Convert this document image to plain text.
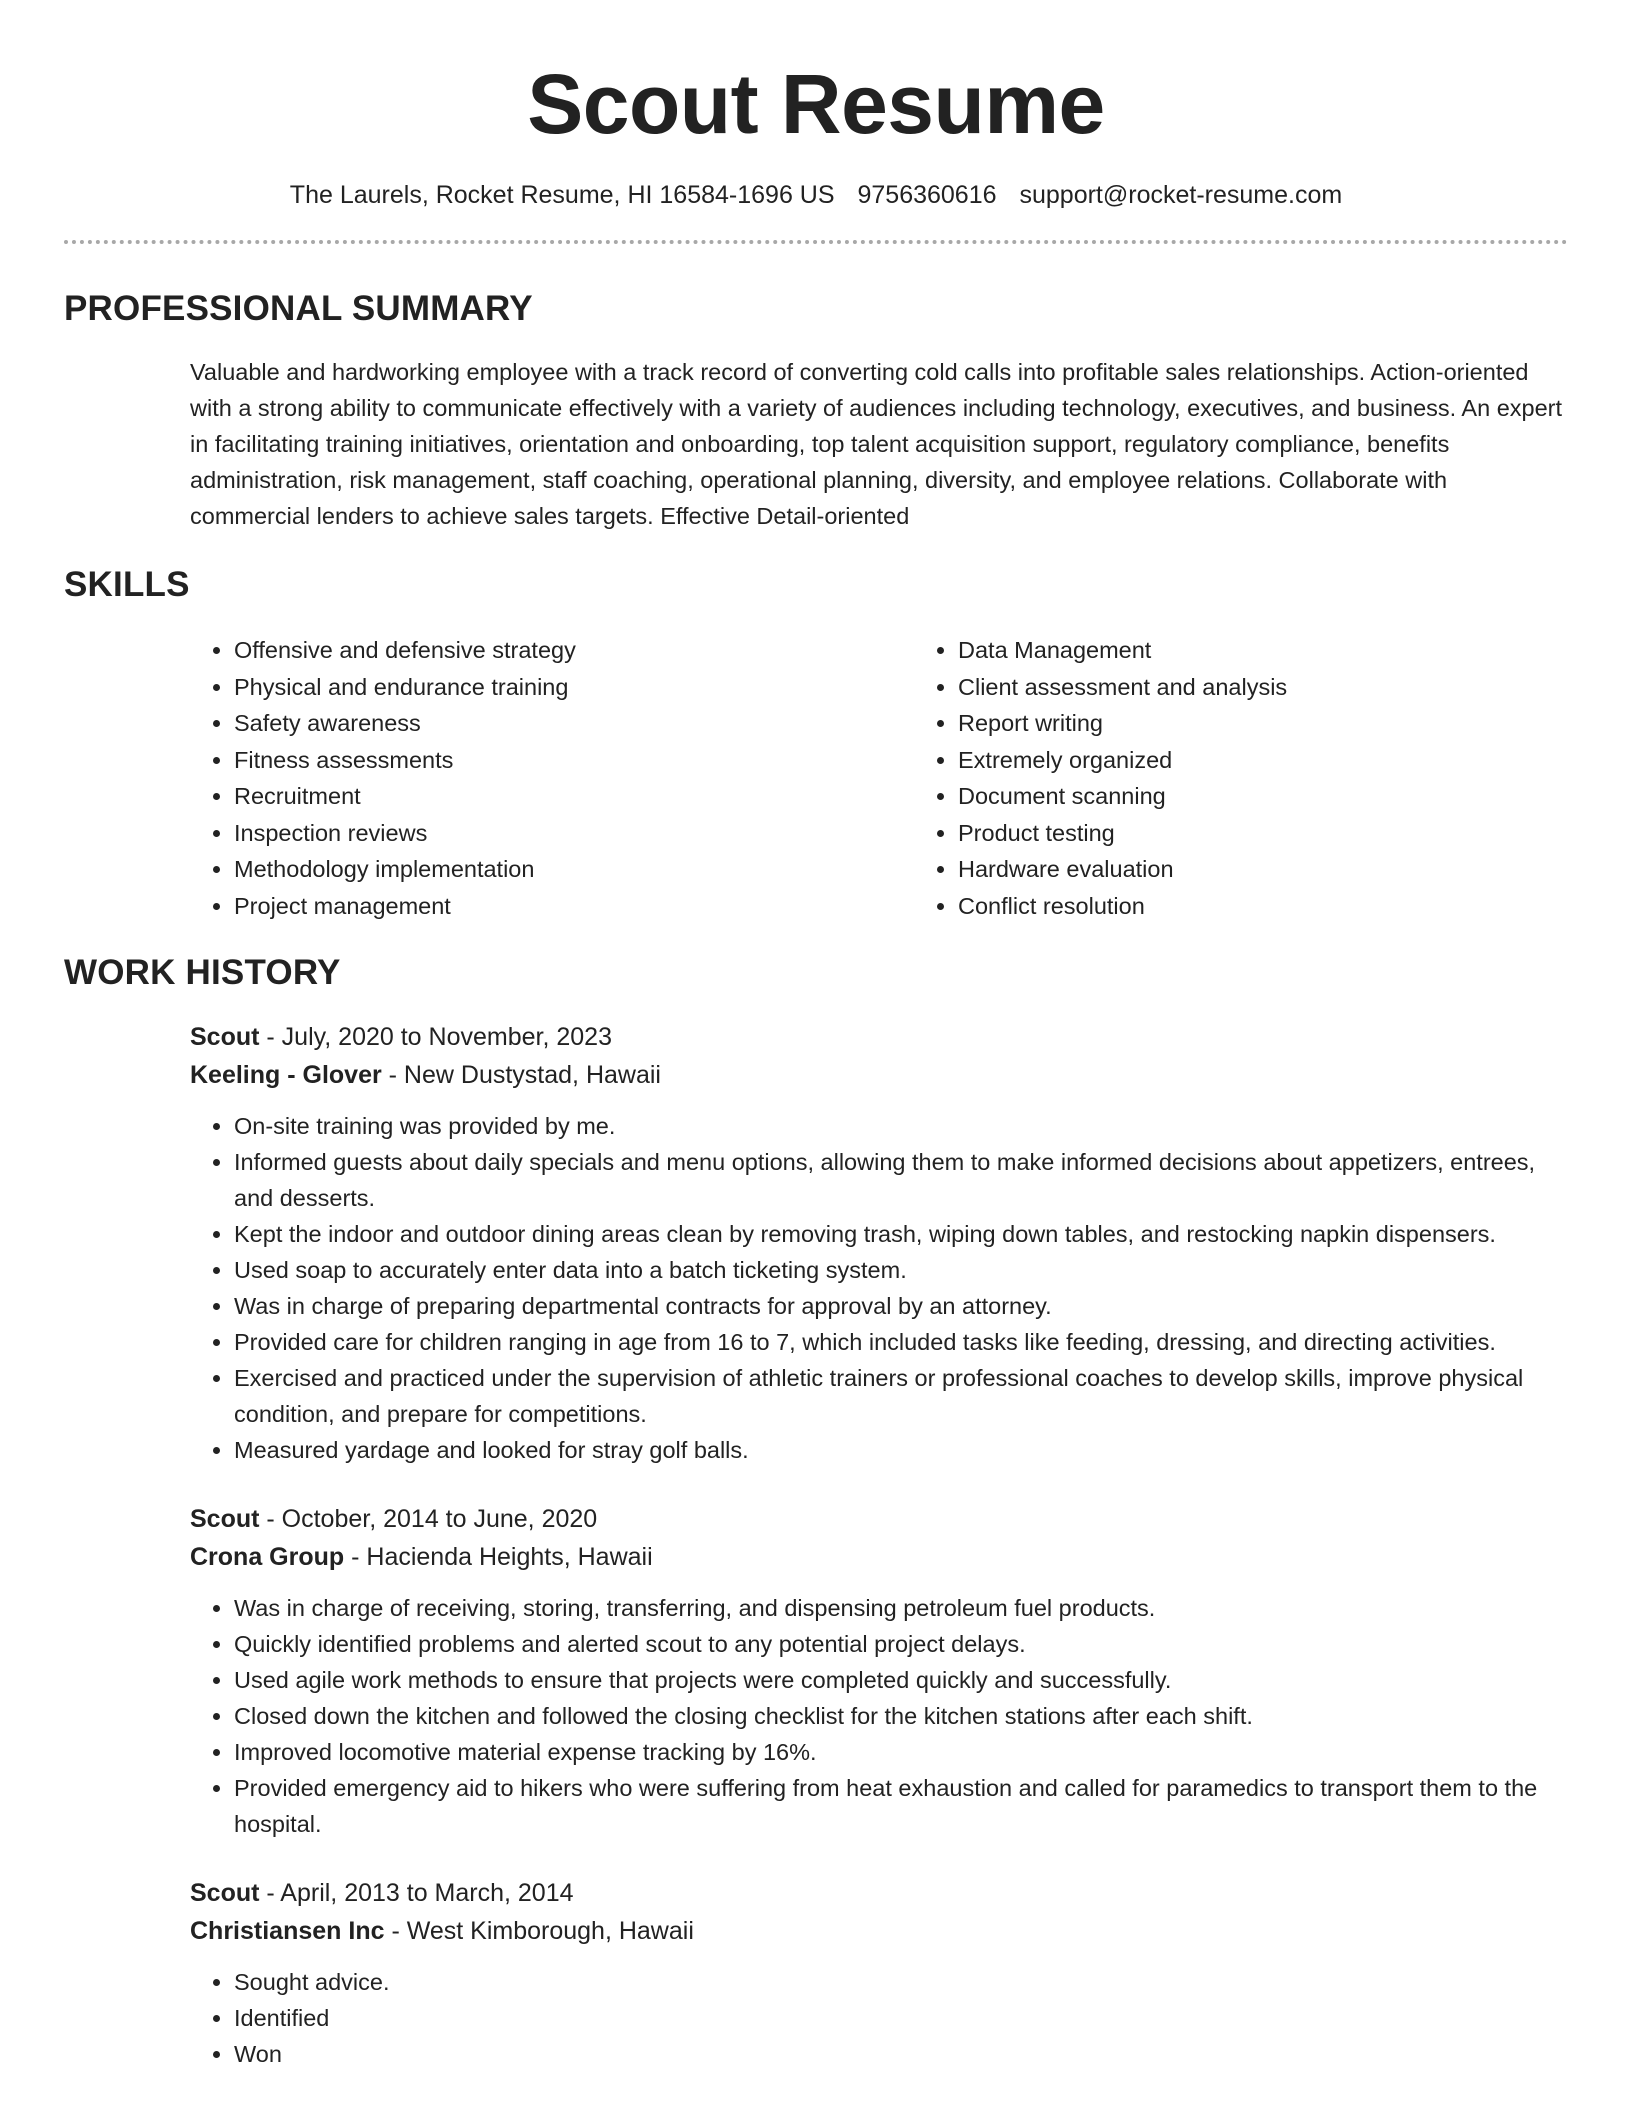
Scout Resume
The Laurels, Rocket Resume, HI 16584-1696 US 9756360616 support@rocket-resume.com
PROFESSIONAL SUMMARY

Valuable and hardworking employee with a track record of converting cold calls into profitable sales relationships. Action-oriented with a strong ability to communicate effectively with a variety of audiences including technology, executives, and business. An expert in facilitating training initiatives, orientation and onboarding, top talent acquisition support, regulatory compliance, benefits administration, risk management, staff coaching, operational planning, diversity, and employee relations. Collaborate with commercial lenders to achieve sales targets. Effective Detail-oriented

SKILLS
• Offensive and defensive strategy
• Physical and endurance training
• Safety awareness
• Fitness assessments
• Recruitment
• Inspection reviews
• Methodology implementation
• Project management
• Data Management
• Client assessment and analysis
• Report writing
• Extremely organized
• Document scanning
• Product testing
• Hardware evaluation
• Conflict resolution
WORK HISTORY
Scout - July, 2020 to November, 2023
Keeling - Glover - New Dustystad, Hawaii
• On-site training was provided by me.
• Informed guests about daily specials and menu options, allowing them to make informed decisions about appetizers, entrees, and desserts.
• Kept the indoor and outdoor dining areas clean by removing trash, wiping down tables, and restocking napkin dispensers.
• Used soap to accurately enter data into a batch ticketing system.
• Was in charge of preparing departmental contracts for approval by an attorney.
• Provided care for children ranging in age from 16 to 7, which included tasks like feeding, dressing, and directing activities.
• Exercised and practiced under the supervision of athletic trainers or professional coaches to develop skills, improve physical condition, and prepare for competitions.
• Measured yardage and looked for stray golf balls.
Scout - October, 2014 to June, 2020
Crona Group - Hacienda Heights, Hawaii
• Was in charge of receiving, storing, transferring, and dispensing petroleum fuel products.
• Quickly identified problems and alerted scout to any potential project delays.
• Used agile work methods to ensure that projects were completed quickly and successfully.
• Closed down the kitchen and followed the closing checklist for the kitchen stations after each shift.
• Improved locomotive material expense tracking by 16%.
• Provided emergency aid to hikers who were suffering from heat exhaustion and called for paramedics to transport them to the hospital.
Scout - April, 2013 to March, 2014
Christiansen Inc - West Kimborough, Hawaii
• Sought advice.
• Identified
• Won
